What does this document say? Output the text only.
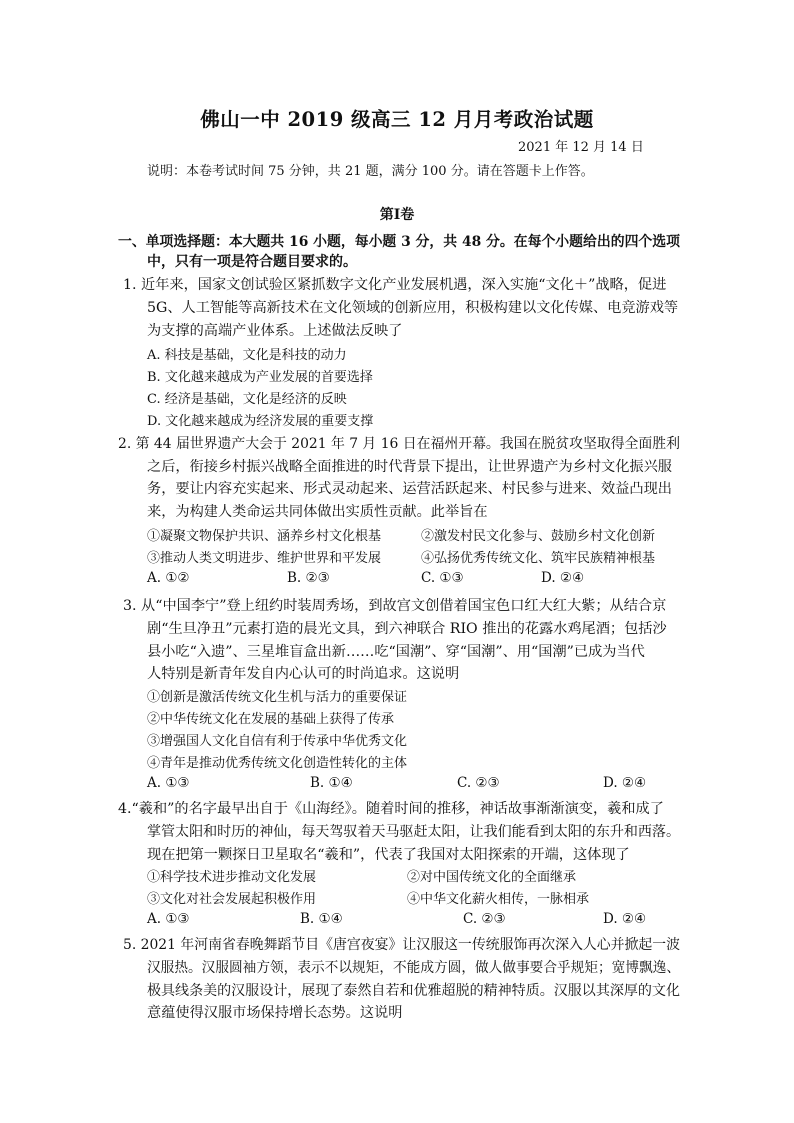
佛山一中 2019 级高三 12 月月考政治试题
2021 年 12 月 14 日
说明：本卷考试时间 75 分钟，共 21 题，满分 100 分。请在答题卡上作答。
第Ⅰ卷
一、单项选择题：本大题共 16 小题，每小题 3 分，共 48 分。在每个小题给出的四个选项
中，只有一项是符合题目要求的。
1. 近年来，国家文创试验区紧抓数字文化产业发展机遇，深入实施“文化＋”战略，促进
5G、人工智能等高新技术在文化领域的创新应用，积极构建以文化传媒、电竞游戏等
为支撑的高端产业体系。上述做法反映了
A. 科技是基础，文化是科技的动力
B. 文化越来越成为产业发展的首要选择
C. 经济是基础，文化是经济的反映
D. 文化越来越成为经济发展的重要支撑
2. 第 44 届世界遗产大会于 2021 年 7 月 16 日在福州开幕。我国在脱贫攻坚取得全面胜利
之后，衔接乡村振兴战略全面推进的时代背景下提出，让世界遗产为乡村文化振兴服
务，要让内容充实起来、形式灵动起来、运营活跃起来、村民参与进来、效益凸现出
来，为构建人类命运共同体做出实质性贡献。此举旨在
①凝聚文物保护共识、涵养乡村文化根基	②激发村民文化参与、鼓励乡村文化创新
③推动人类文明进步、维护世界和平发展	④弘扬优秀传统文化、筑牢民族精神根基
A. ①②	B. ②③	C. ①③	D. ②④
3. 从“中国李宁”登上纽约时装周秀场，到故宫文创借着国宝色口红大红大紫；从结合京
剧“生旦净丑”元素打造的晨光文具，到六神联合 RIO 推出的花露水鸡尾酒；包括沙
县小吃“入遗”、三星堆盲盒出新……吃“国潮”、穿“国潮”、用“国潮”已成为当代
人特别是新青年发自内心认可的时尚追求。这说明
①创新是激活传统文化生机与活力的重要保证
②中华传统文化在发展的基础上获得了传承
③增强国人文化自信有利于传承中华优秀文化
④青年是推动优秀传统文化创造性转化的主体
A. ①③	B. ①④	C. ②③	D. ②④
4.“羲和”的名字最早出自于《山海经》。随着时间的推移，神话故事渐渐演变，羲和成了
掌管太阳和时历的神仙，每天驾驭着天马驱赶太阳，让我们能看到太阳的东升和西落。
现在把第一颗探日卫星取名“羲和”，代表了我国对太阳探索的开端，这体现了
①科学技术进步推动文化发展	②对中国传统文化的全面继承
③文化对社会发展起积极作用	④中华文化薪火相传，一脉相承
A. ①③	B. ①④	C. ②③	D. ②④
5. 2021 年河南省春晚舞蹈节目《唐宫夜宴》让汉服这一传统服饰再次深入人心并掀起一波
汉服热。汉服圆袖方领，表示不以规矩，不能成方圆，做人做事要合乎规矩；宽博飘逸、
极具线条美的汉服设计，展现了泰然自若和优雅超脱的精神特质。汉服以其深厚的文化
意蕴使得汉服市场保持增长态势。这说明
